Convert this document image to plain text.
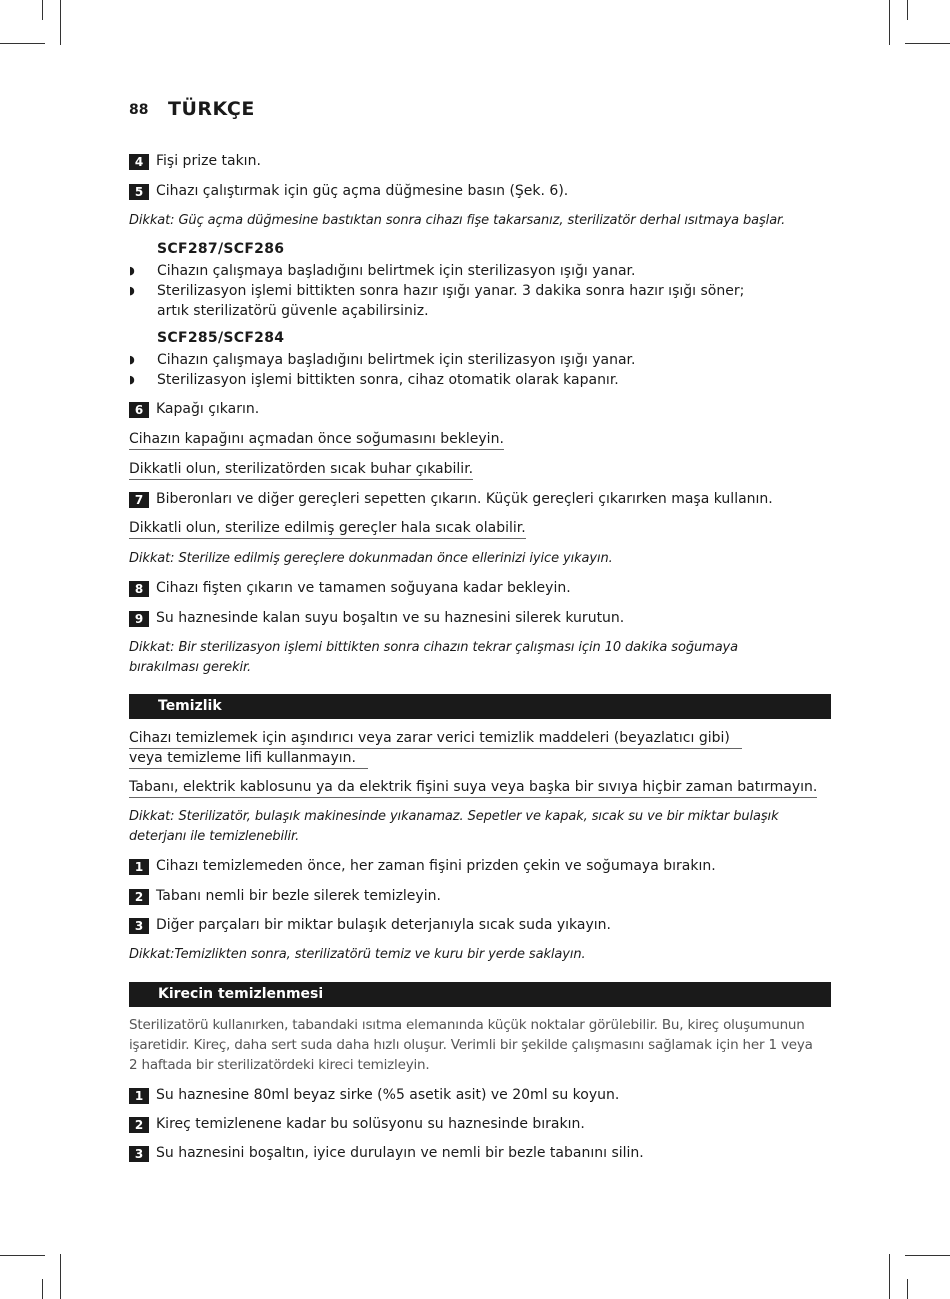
88 TÜRKÇE
4 Fişi prize takın.
5 Cihazı çalıştırmak için güç açma düğmesine basın (Şek. 6).
Dikkat: Güç açma düğmesine bastıktan sonra cihazı fişe takarsanız, sterilizatör derhal ısıtmaya başlar.
SCF287/SCF286
◗ Cihazın çalışmaya başladığını belirtmek için sterilizasyon ışığı yanar.
◗ Sterilizasyon işlemi bittikten sonra hazır ışığı yanar. 3 dakika sonra hazır ışığı söner;
artık sterilizatörü güvenle açabilirsiniz.
SCF285/SCF284
◗ Cihazın çalışmaya başladığını belirtmek için sterilizasyon ışığı yanar.
◗ Sterilizasyon işlemi bittikten sonra, cihaz otomatik olarak kapanır.
6 Kapağı çıkarın.
Cihazın kapağını açmadan önce soğumasını bekleyin.
Dikkatli olun, sterilizatörden sıcak buhar çıkabilir.
7 Biberonları ve diğer gereçleri sepetten çıkarın. Küçük gereçleri çıkarırken maşa kullanın.
Dikkatli olun, sterilize edilmiş gereçler hala sıcak olabilir.
Dikkat: Sterilize edilmiş gereçlere dokunmadan önce ellerinizi iyice yıkayın.
8 Cihazı fişten çıkarın ve tamamen soğuyana kadar bekleyin.
9 Su haznesinde kalan suyu boşaltın ve su haznesini silerek kurutun.
Dikkat: Bir sterilizasyon işlemi bittikten sonra cihazın tekrar çalışması için 10 dakika soğumaya
bırakılması gerekir.
Temizlik
Cihazı temizlemek için aşındırıcı veya zarar verici temizlik maddeleri (beyazlatıcı gibi)
veya temizleme lifi kullanmayın.
Tabanı, elektrik kablosunu ya da elektrik fişini suya veya başka bir sıvıya hiçbir zaman batırmayın.
Dikkat: Sterilizatör, bulaşık makinesinde yıkanamaz. Sepetler ve kapak, sıcak su ve bir miktar bulaşık
deterjanı ile temizlenebilir.
1 Cihazı temizlemeden önce, her zaman fişini prizden çekin ve soğumaya bırakın.
2 Tabanı nemli bir bezle silerek temizleyin.
3 Diğer parçaları bir miktar bulaşık deterjanıyla sıcak suda yıkayın.
Dikkat:Temizlikten sonra, sterilizatörü temiz ve kuru bir yerde saklayın.
Kirecin temizlenmesi
Sterilizatörü kullanırken, tabandaki ısıtma elemanında küçük noktalar görülebilir. Bu, kireç oluşumunun
işaretidir. Kireç, daha sert suda daha hızlı oluşur. Verimli bir şekilde çalışmasını sağlamak için her 1 veya
2 haftada bir sterilizatördeki kireci temizleyin.
1 Su haznesine 80ml beyaz sirke (%5 asetik asit) ve 20ml su koyun.
2 Kireç temizlenene kadar bu solüsyonu su haznesinde bırakın.
3 Su haznesini boşaltın, iyice durulayın ve nemli bir bezle tabanını silin.
